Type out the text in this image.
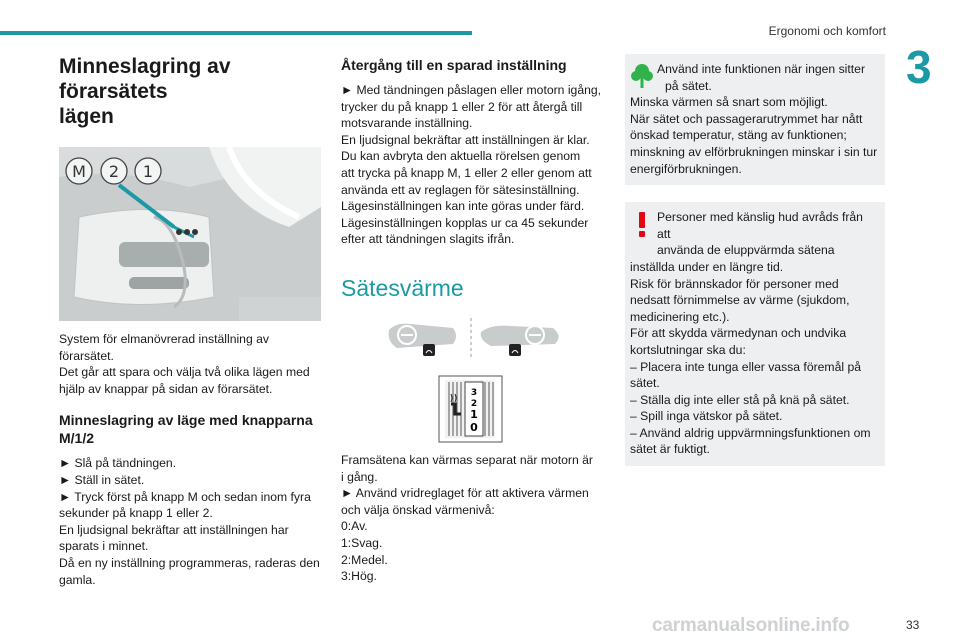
Ergonomi och komfort
3
Minneslagring av förarsätets
lägen
M 2 1
System för elmanövrerad inställning av
förarsätet.
Det går att spara och välja två olika lägen med
hjälp av knappar på sidan av förarsätet.
Minneslagring av läge med knapparna
M/1/2
► Slå på tändningen.
► Ställ in sätet.
► Tryck först på knapp M och sedan inom fyra
sekunder på knapp 1 eller 2.
En ljudsignal bekräftar att inställningen har
sparats i minnet.
Då en ny inställning programmeras, raderas den
gamla.
Återgång till en sparad inställning
► Med tändningen påslagen eller motorn igång,
trycker du på knapp 1 eller 2 för att återgå till
motsvarande inställning.
En ljudsignal bekräftar att inställningen är klar.
Du kan avbryta den aktuella rörelsen genom
att trycka på knapp M, 1 eller 2 eller genom att
använda ett av reglagen för sätesinställning.
Lägesinställningen kan inte göras under färd.
Lägesinställningen kopplas ur ca 45 sekunder
efter att tändningen slagits ifrån.
Sätesvärme
3
2
1
0
Framsätena kan värmas separat när motorn är
i gång.
► Använd vridreglaget för att aktivera värmen
och välja önskad värmenivå:
0:Av.
1:Svag.
2:Medel.
3:Hög.
Använd inte funktionen när ingen sitter
på sätet.
Minska värmen så snart som möjligt.
När sätet och passagerarutrymmet har nått
önskad temperatur, stäng av funktionen;
minskning av elförbrukningen minskar i sin tur
energiförbrukningen.
Personer med känslig hud avråds från att
använda de eluppvärmda sätena
inställda under en längre tid.
Risk för brännskador för personer med
nedsatt förnimmelse av värme (sjukdom,
medicinering etc.).
För att skydda värmedynan och undvika
kortslutningar ska du:
– Placera inte tunga eller vassa föremål på
sätet.
– Ställa dig inte eller stå på knä på sätet.
– Spill inga vätskor på sätet.
– Använd aldrig uppvärmningsfunktionen om
sätet är fuktigt.
carmanualsonline.info	33
